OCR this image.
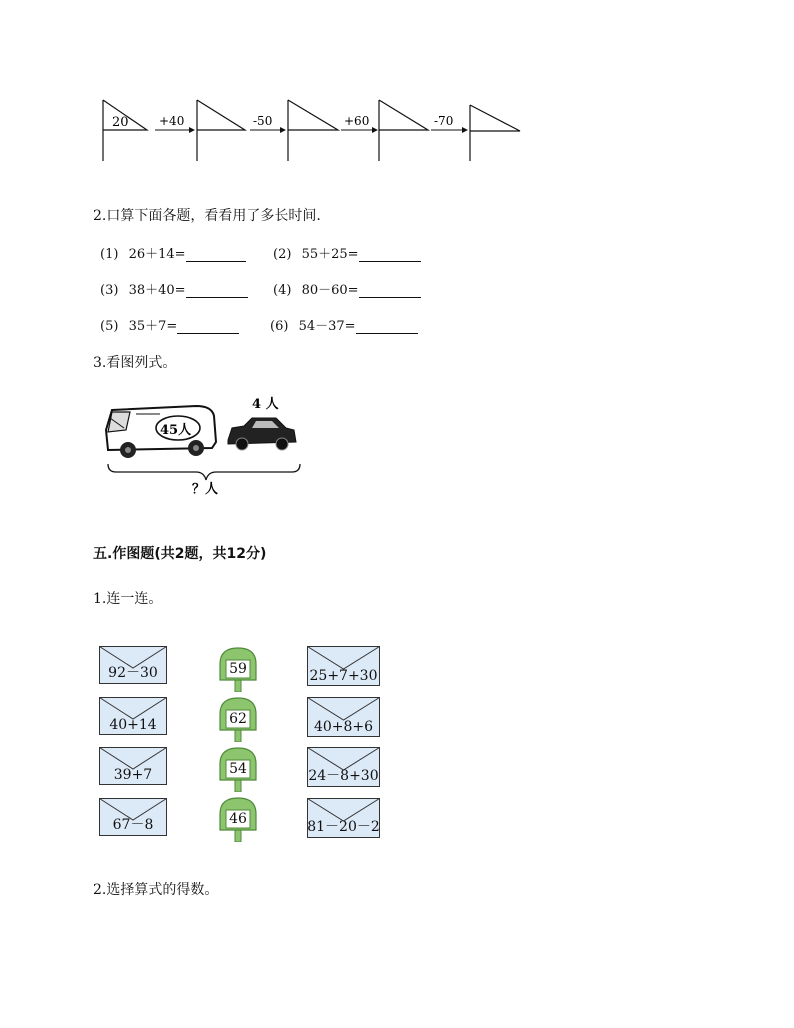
20	+40	-50	+60	-70
2.口算下面各题，看看用了多长时间.
(1) 26＋14=	(2) 55＋25=
(3) 38＋40=	(4) 80－60=
(5) 35＋7=	(6) 54－37=
3.看图列式。
45人
4 人
？人
五.作图题(共2题，共12分)
1.连一连。
92－30
40+14
39+7
67－8
59
62
54
46
25+7+30
40+8+6
24－8+30
81－20－2
2.选择算式的得数。
